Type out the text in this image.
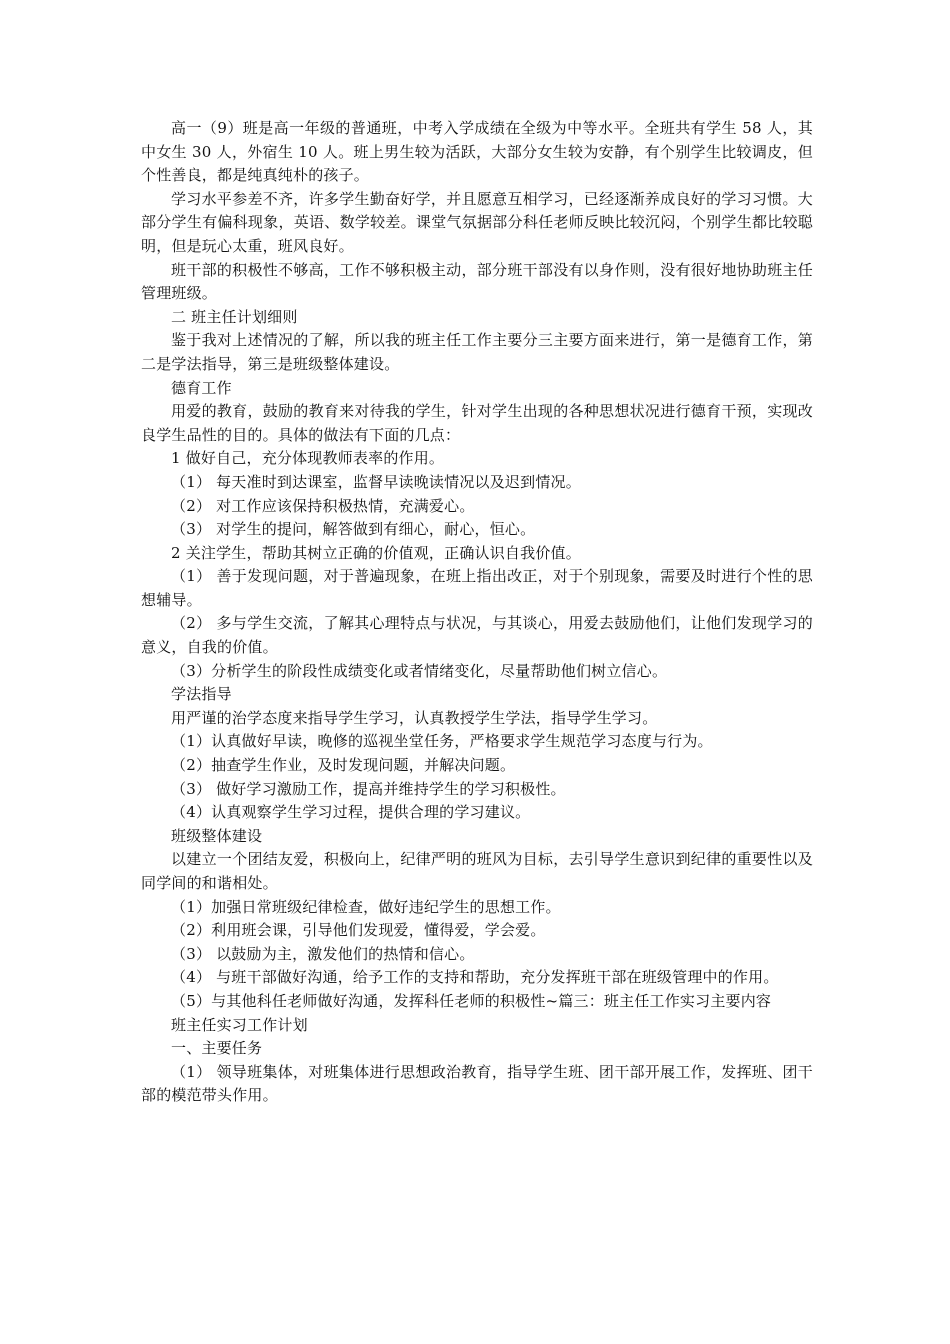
高一（9）班是高一年级的普通班，中考入学成绩在全级为中等水平。全班共有学生 58 人，其中女生 30 人，外宿生 10 人。班上男生较为活跃，大部分女生较为安静，有个别学生比较调皮，但个性善良，都是纯真纯朴的孩子。

学习水平参差不齐，许多学生勤奋好学，并且愿意互相学习，已经逐渐养成良好的学习习惯。大部分学生有偏科现象，英语、数学较差。课堂气氛据部分科任老师反映比较沉闷，个别学生都比较聪明，但是玩心太重，班风良好。

班干部的积极性不够高，工作不够积极主动，部分班干部没有以身作则，没有很好地协助班主任管理班级。

二 班主任计划细则

鉴于我对上述情况的了解，所以我的班主任工作主要分三主要方面来进行，第一是德育工作，第二是学法指导，第三是班级整体建设。

德育工作

用爱的教育，鼓励的教育来对待我的学生，针对学生出现的各种思想状况进行德育干预，实现改良学生品性的目的。具体的做法有下面的几点：

1 做好自己，充分体现教师表率的作用。

（1） 每天准时到达课室，监督早读晚读情况以及迟到情况。

（2） 对工作应该保持积极热情，充满爱心。

（3） 对学生的提问，解答做到有细心，耐心，恒心。

2 关注学生，帮助其树立正确的价值观，正确认识自我价值。

（1） 善于发现问题，对于普遍现象，在班上指出改正，对于个别现象，需要及时进行个性的思想辅导。

（2） 多与学生交流，了解其心理特点与状况，与其谈心，用爱去鼓励他们，让他们发现学习的意义，自我的价值。

（3）分析学生的阶段性成绩变化或者情绪变化，尽量帮助他们树立信心。

学法指导

用严谨的治学态度来指导学生学习，认真教授学生学法，指导学生学习。

（1）认真做好早读，晚修的巡视坐堂任务，严格要求学生规范学习态度与行为。

（2）抽查学生作业，及时发现问题，并解决问题。

（3） 做好学习激励工作，提高并维持学生的学习积极性。

（4）认真观察学生学习过程，提供合理的学习建议。

班级整体建设

以建立一个团结友爱，积极向上，纪律严明的班风为目标，去引导学生意识到纪律的重要性以及同学间的和谐相处。

（1）加强日常班级纪律检查，做好违纪学生的思想工作。

（2）利用班会课，引导他们发现爱，懂得爱，学会爱。

（3） 以鼓励为主，激发他们的热情和信心。

（4） 与班干部做好沟通，给予工作的支持和帮助，充分发挥班干部在班级管理中的作用。

（5）与其他科任老师做好沟通，发挥科任老师的积极性~篇三：班主任工作实习主要内容

班主任实习工作计划

一、主要任务

（1） 领导班集体，对班集体进行思想政治教育，指导学生班、团干部开展工作，发挥班、团干部的模范带头作用。
